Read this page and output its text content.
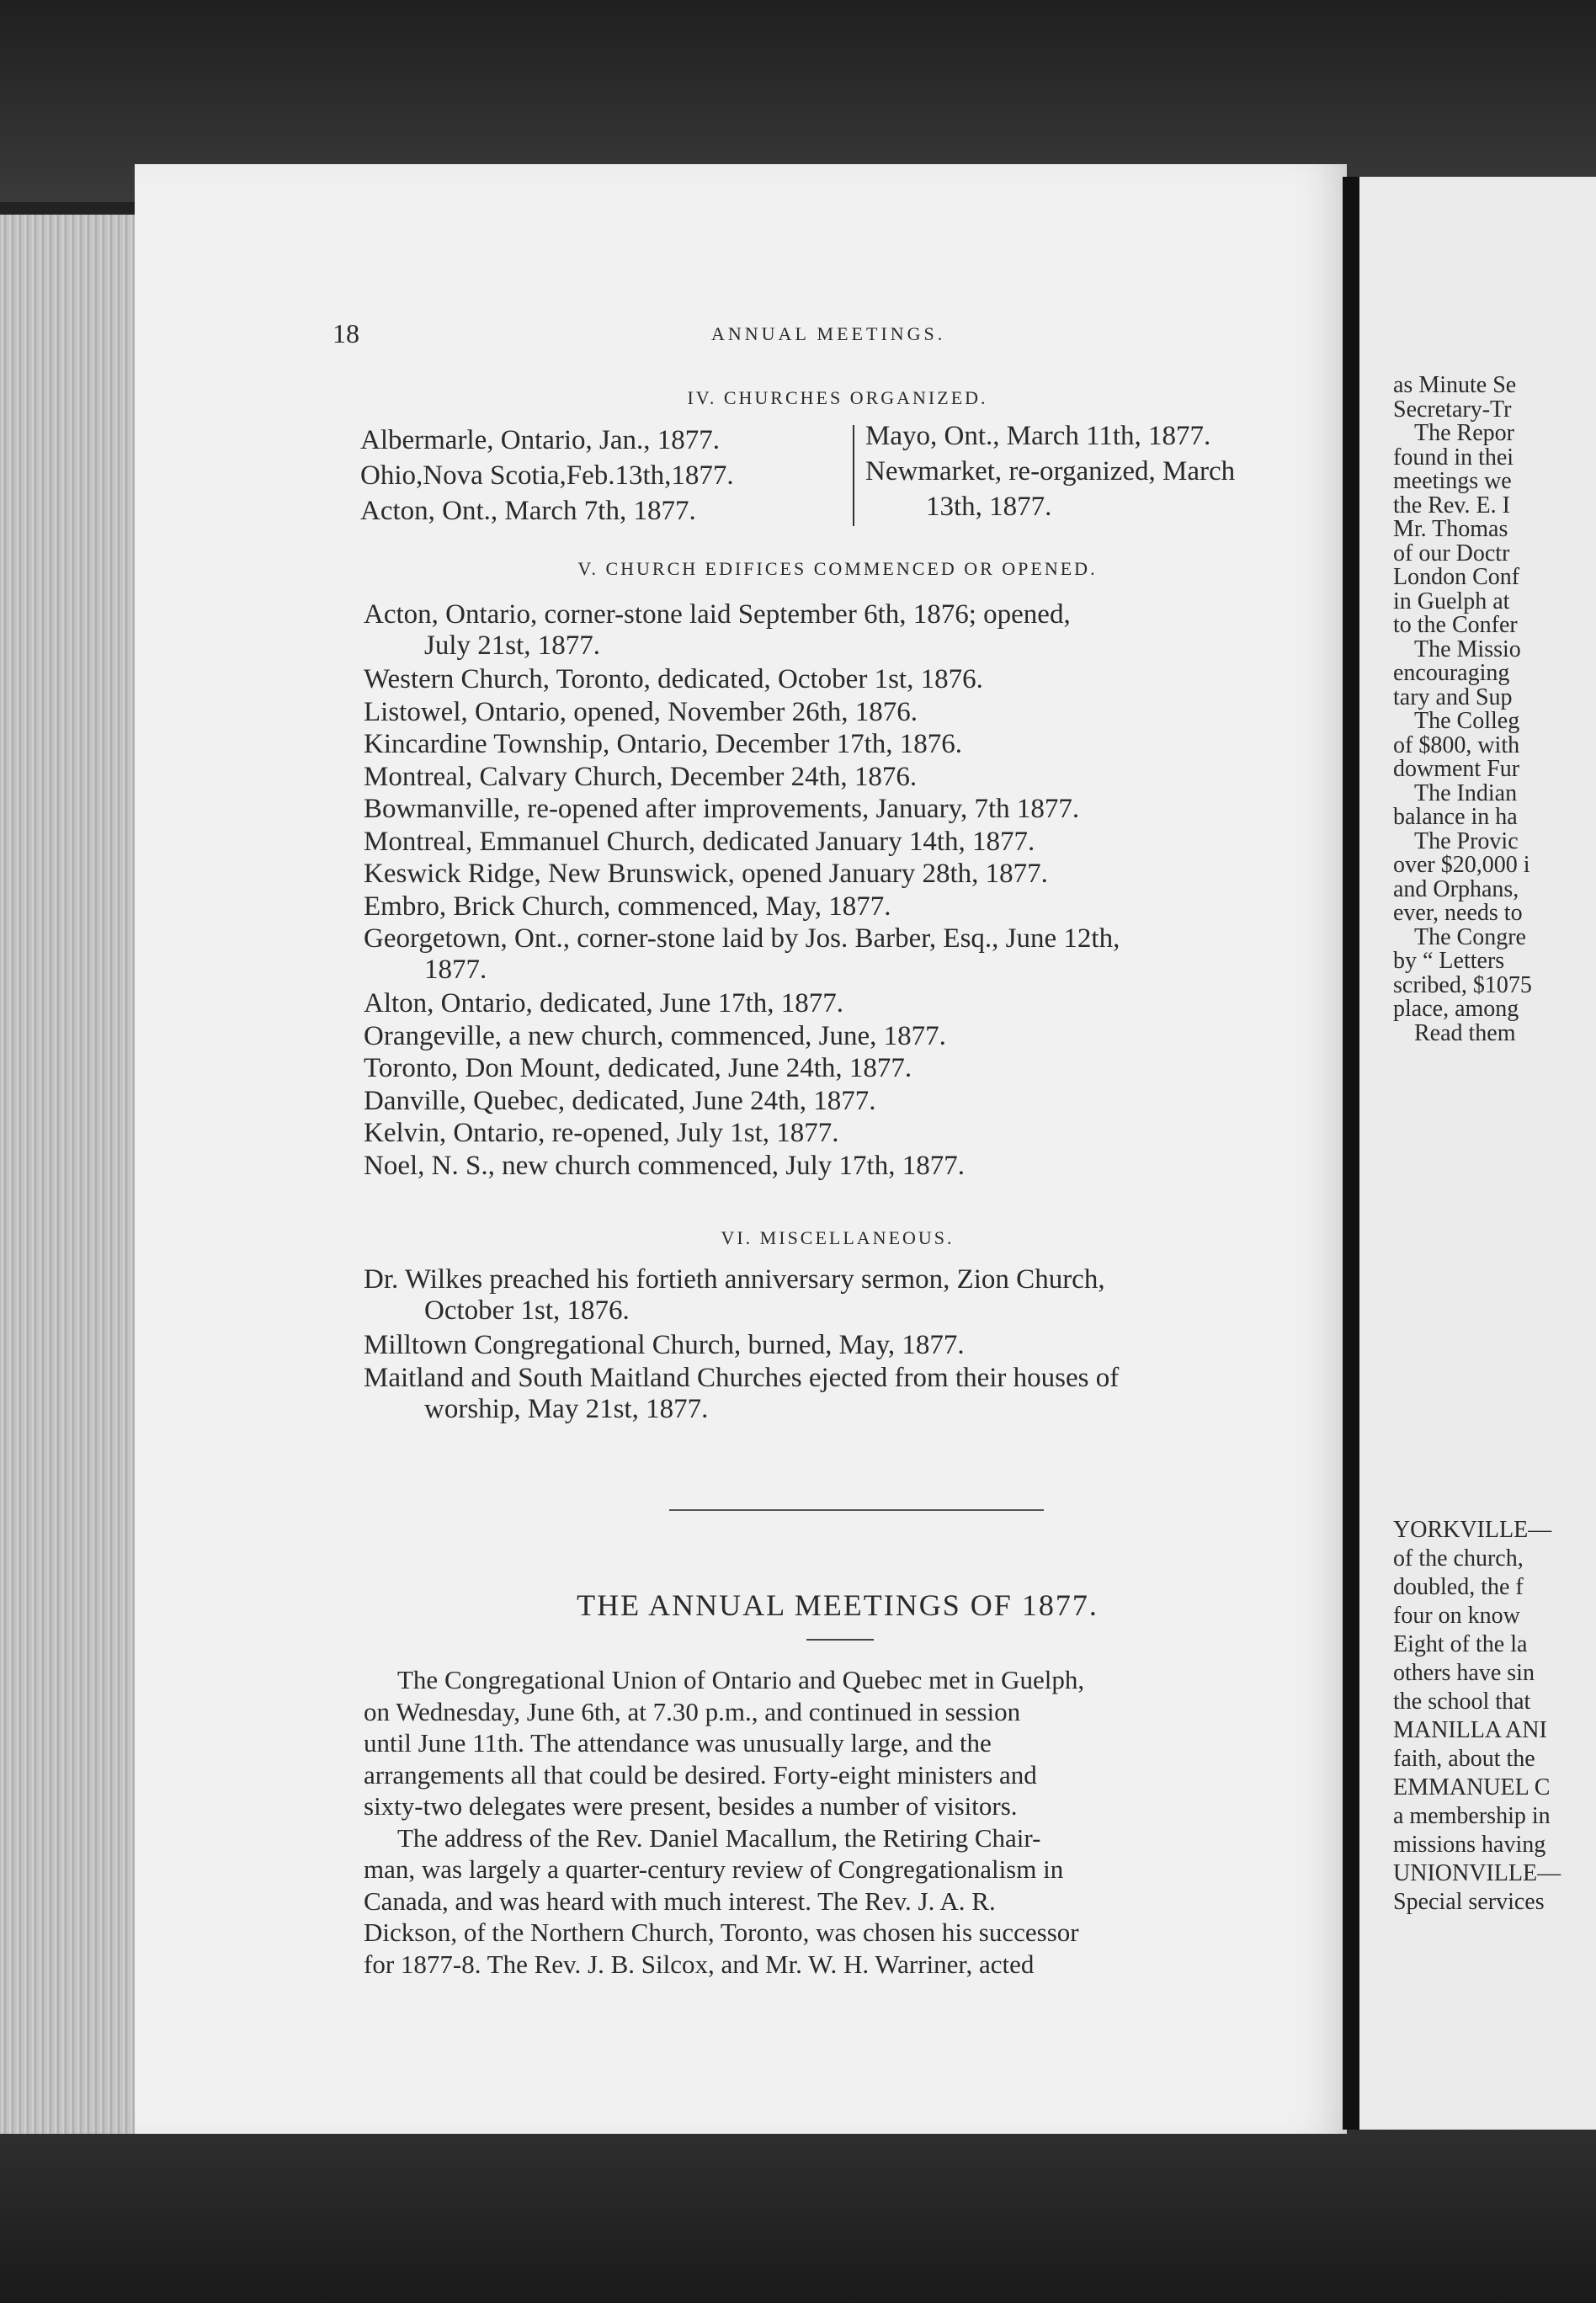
as Minute Se
Secretary-Tr
The Repor
found in thei
meetings we
the Rev. E. I
Mr. Thomas
of our Doctr
London Conf
in Guelph at
to the Confer
The Missio
encouraging
tary and Sup
The Colleg
of $800, with
dowment Fur
The Indian
balance in ha
The Provic
over $20,000 i
and Orphans,
ever, needs to
The Congre
by “ Letters
scribed, $1075
place, among
Read them
YORKVILLE—
of the church,
doubled, the f
four on know
Eight of the la
others have sin
the school that
MANILLA ANI
faith, about the
EMMANUEL C
a membership in
missions having
UNIONVILLE—
Special services
18	ANNUAL MEETINGS.
IV. CHURCHES ORGANIZED.
Albermarle, Ontario, Jan., 1877.
Ohio,Nova Scotia,Feb.13th,1877.
Acton, Ont., March 7th, 1877.
Mayo, Ont., March 11th, 1877.
Newmarket, re-organized, March
13th, 1877.
V. CHURCH EDIFICES COMMENCED OR OPENED.
Acton, Ontario, corner-stone laid September 6th, 1876; opened,
July 21st, 1877.
Western Church, Toronto, dedicated, October 1st, 1876.
Listowel, Ontario, opened, November 26th, 1876.
Kincardine Township, Ontario, December 17th, 1876.
Montreal, Calvary Church, December 24th, 1876.
Bowmanville, re-opened after improvements, January, 7th 1877.
Montreal, Emmanuel Church, dedicated January 14th, 1877.
Keswick Ridge, New Brunswick, opened January 28th, 1877.
Embro, Brick Church, commenced, May, 1877.
Georgetown, Ont., corner-stone laid by Jos. Barber, Esq., June 12th,
1877.
Alton, Ontario, dedicated, June 17th, 1877.
Orangeville, a new church, commenced, June, 1877.
Toronto, Don Mount, dedicated, June 24th, 1877.
Danville, Quebec, dedicated, June 24th, 1877.
Kelvin, Ontario, re-opened, July 1st, 1877.
Noel, N. S., new church commenced, July 17th, 1877.
VI. MISCELLANEOUS.
Dr. Wilkes preached his fortieth anniversary sermon, Zion Church,
October 1st, 1876.
Milltown Congregational Church, burned, May, 1877.
Maitland and South Maitland Churches ejected from their houses of
worship, May 21st, 1877.
THE ANNUAL MEETINGS OF 1877.
The Congregational Union of Ontario and Quebec met in Guelph,
on Wednesday, June 6th, at 7.30 p.m., and continued in session
until June 11th. The attendance was unusually large, and the
arrangements all that could be desired. Forty-eight ministers and
sixty-two delegates were present, besides a number of visitors.
The address of the Rev. Daniel Macallum, the Retiring Chair-
man, was largely a quarter-century review of Congregationalism in
Canada, and was heard with much interest. The Rev. J. A. R.
Dickson, of the Northern Church, Toronto, was chosen his successor
for 1877-8. The Rev. J. B. Silcox, and Mr. W. H. Warriner, acted
